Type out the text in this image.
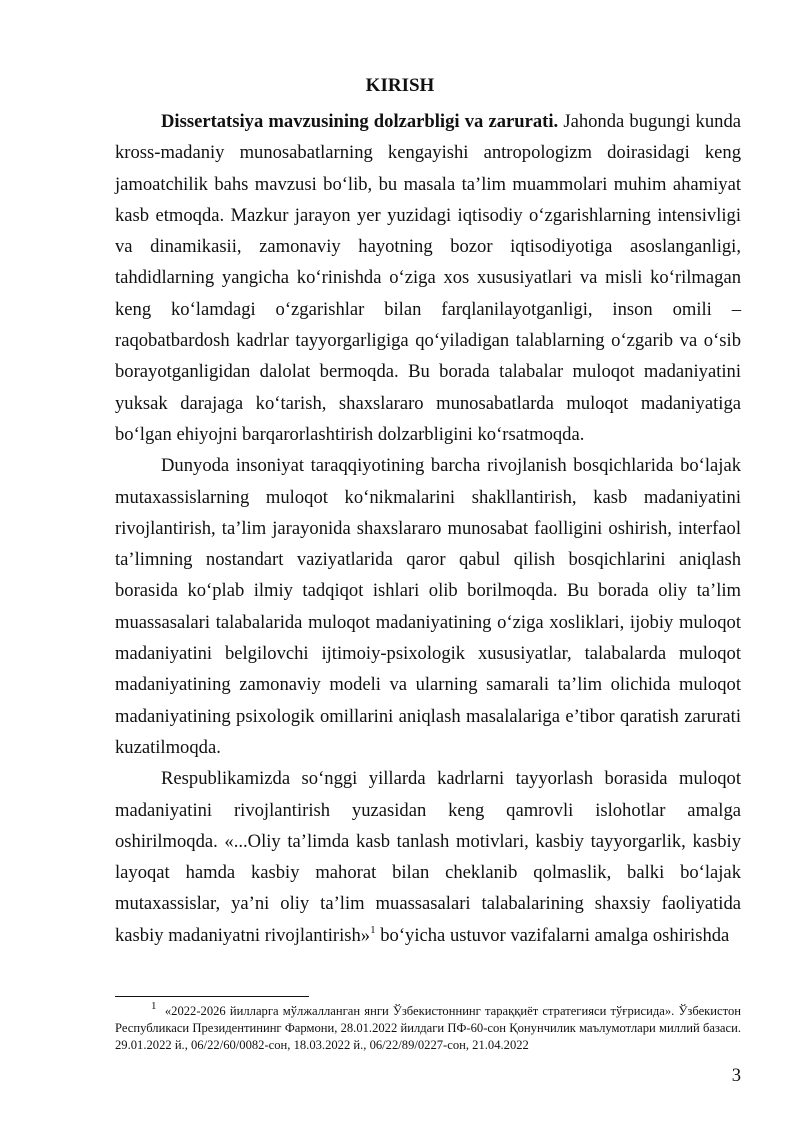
KIRISH

Dissertatsiya mavzusining dolzarbligi va zarurati. Jahonda bugungi kunda kross-madaniy munosabatlarning kengayishi antropologizm doirasidagi keng jamoatchilik bahs mavzusi bo‘lib, bu masala ta’lim muammolari muhim ahamiyat kasb etmoqda. Mazkur jarayon yer yuzidagi iqtisodiy o‘zgarishlarning intensivligi va dinamikasii, zamonaviy hayotning bozor iqtisodiyotiga asoslanganligi, tahdidlarning yangicha ko‘rinishda o‘ziga xos xususiyatlari va misli ko‘rilmagan keng ko‘lamdagi o‘zgarishlar bilan farqlanilayotganligi, inson omili – raqobatbardosh kadrlar tayyorgarligiga qo‘yiladigan talablarning o‘zgarib va o‘sib borayotganligidan dalolat bermoqda. Bu borada talabalar muloqot madaniyatini yuksak darajaga ko‘tarish, shaxslararo munosabatlarda muloqot madaniyatiga bo‘lgan ehiyojni barqarorlashtirish dolzarbligini ko‘rsatmoqda.

Dunyoda insoniyat taraqqiyotining barcha rivojlanish bosqichlarida bo‘lajak mutaxassislarning muloqot ko‘nikmalarini shakllantirish, kasb madaniyatini rivojlantirish, ta’lim jarayonida shaxslararo munosabat faolligini oshirish, interfaol ta’limning nostandart vaziyatlarida qaror qabul qilish bosqichlarini aniqlash borasida ko‘plab ilmiy tadqiqot ishlari olib borilmoqda. Bu borada oliy ta’lim muassasalari talabalarida muloqot madaniyatining o‘ziga xosliklari, ijobiy muloqot madaniyatini belgilovchi ijtimoiy-psixologik xususiyatlar, talabalarda muloqot madaniyatining zamonaviy modeli va ularning samarali ta’lim olichida muloqot madaniyatining psixologik omillarini aniqlash masalalariga e’tibor qaratish zarurati kuzatilmoqda.

Respublikamizda so‘nggi yillarda kadrlarni tayyorlash borasida muloqot madaniyatini rivojlantirish yuzasidan keng qamrovli islohotlar amalga oshirilmoqda. «...Oliy ta’limda kasb tanlash motivlari, kasbiy tayyorgarlik, kasbiy layoqat hamda kasbiy mahorat bilan cheklanib qolmaslik, balki bo‘lajak mutaxassislar, ya’ni oliy ta’lim muassasalari talabalarining shaxsiy faoliyatida kasbiy madaniyatni rivojlantirish»$^1$ bo‘yicha ustuvor vazifalarni amalga oshirishda

$^1$ «2022-2026 йилларга мўлжалланган янги Ўзбекистоннинг тараққиёт стратегияси тўғрисида». Ўзбекистон Республикаси Президентининг Фармони, 28.01.2022 йилдаги ПФ-60-сон Қонунчилик маълумотлари миллий базаси. 29.01.2022 й., 06/22/60/0082-сон, 18.03.2022 й., 06/22/89/0227-сон, 21.04.2022
3
